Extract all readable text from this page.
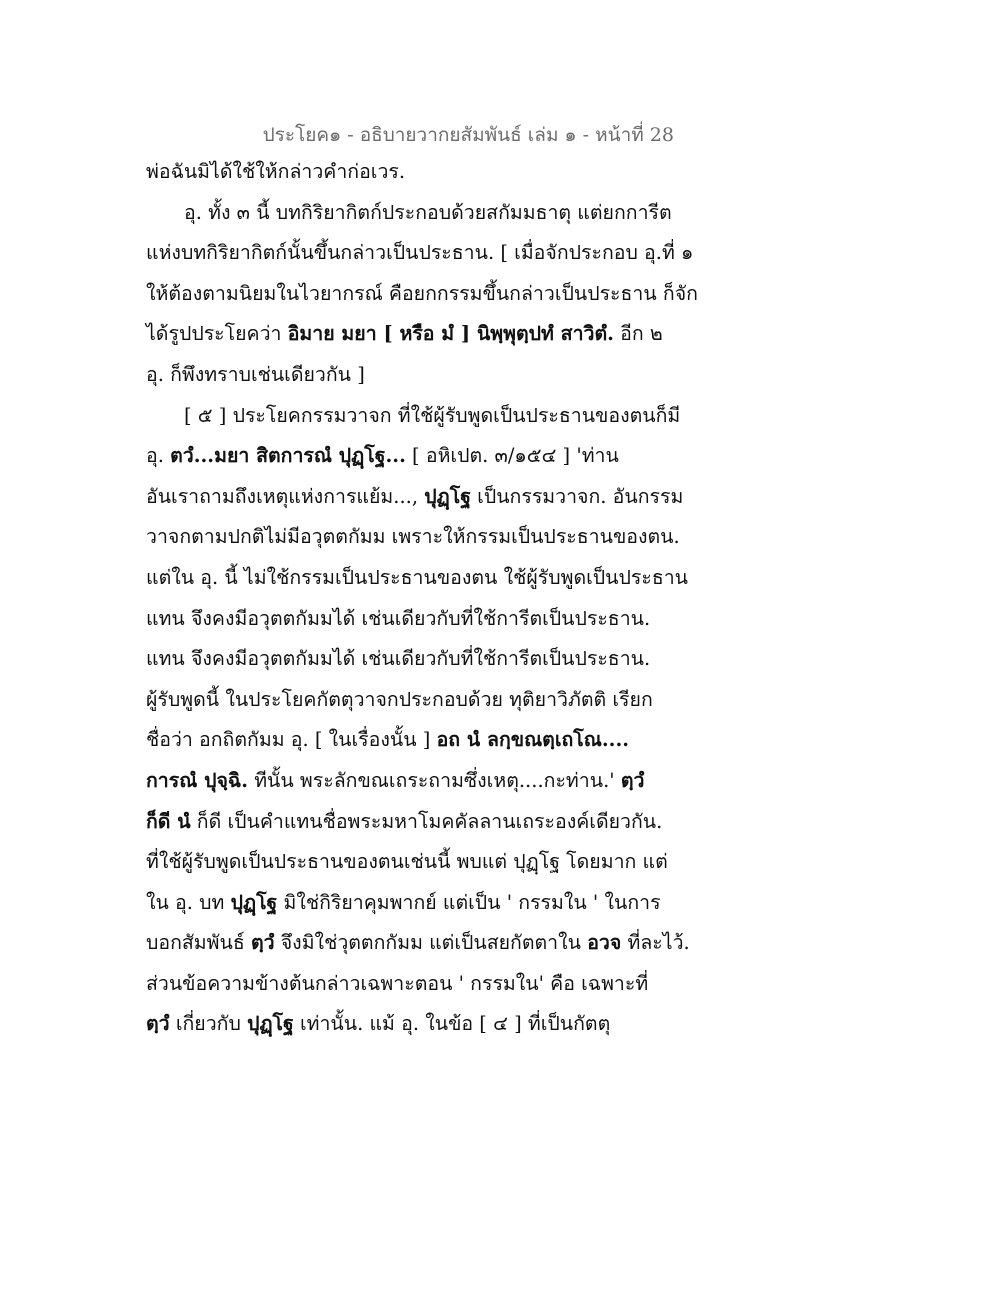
ประโยค๑ - อธิบายวากยสัมพันธ์ เล่ม ๑ - หน้าที่ 28
พ่อฉันมิได้ใช้ให้กล่าวคำก่อเวร.
อุ. ทั้ง ๓ นี้ บทกิริยากิตก์ประกอบด้วยสกัมมธาตุ แต่ยกการีต
แห่งบทกิริยากิตก์นั้นขึ้นกล่าวเป็นประธาน. [ เมื่อจักประกอบ อุ.ที่ ๑
ให้ต้องตามนิยมในไวยากรณ์ คือยกกรรมขึ้นกล่าวเป็นประธาน ก็จัก
ได้รูปประโยคว่า อิมาย มยา [ หรือ มํ ] นิพฺพุตฺปทํ สาวิตํ. อีก ๒
อุ. ก็พึงทราบเช่นเดียวกัน ]
[ ๕ ] ประโยคกรรมวาจก ที่ใช้ผู้รับพูดเป็นประธานของตนก็มี
อุ. ตวํ...มยา สิตการณํ ปุฏฺโฐ... [ อหิเปต. ๓/๑๕๔ ] 'ท่าน
อันเราถามถึงเหตุแห่งการแย้ม..., ปุฏฺโฐ เป็นกรรมวาจก. อันกรรม
วาจกตามปกติไม่มีอวุตตกัมม เพราะให้กรรมเป็นประธานของตน.
แต่ใน อุ. นี้ ไม่ใช้กรรมเป็นประธานของตน ใช้ผู้รับพูดเป็นประธาน
แทน จึงคงมีอวุตตกัมมได้ เช่นเดียวกับที่ใช้การีตเป็นประธาน.
แทน จึงคงมีอวุตตกัมมได้ เช่นเดียวกับที่ใช้การีตเป็นประธาน.
ผู้รับพูดนี้ ในประโยคกัตตุวาจกประกอบด้วย ทุติยาวิภัตติ เรียก
ชื่อว่า อกถิตกัมม อุ. [ ในเรื่องนั้น ] อถ นํ ลกฺขณตฺเถโณ....
การณํ ปุจฺฉิ. ทีนั้น พระลักขณเถระถามซึ่งเหตุ....กะท่าน.' ตฺวํ
ก็ดี นํ ก็ดี เป็นคำแทนชื่อพระมหาโมคคัลลานเถระองค์เดียวกัน.
ที่ใช้ผู้รับพูดเป็นประธานของตนเช่นนี้ พบแต่ ปุฏฺโฐ โดยมาก แต่
ใน อุ. บท ปุฏฺโฐ มิใช่กิริยาคุมพากย์ แต่เป็น ' กรรมใน ' ในการ
บอกสัมพันธ์ ตฺวํ จึงมิใช่วุตตกกัมม แต่เป็นสยกัตตาใน อวจ ที่ละไว้.
ส่วนข้อความข้างต้นกล่าวเฉพาะตอน ' กรรมใน' คือ เฉพาะที่
ตฺวํ เกี่ยวกับ ปุฏฺโฐ เท่านั้น. แม้ อุ. ในข้อ [ ๔ ] ที่เป็นกัตตุ
